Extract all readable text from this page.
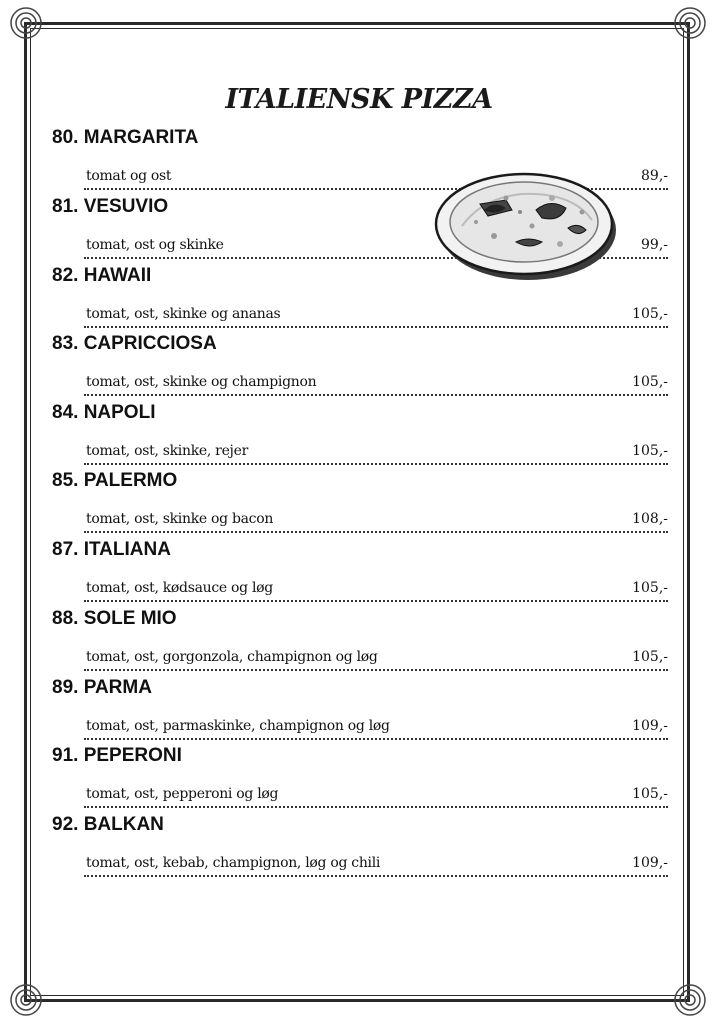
ITALIENSK PIZZA
80. MARGARITA
tomat og ost	89,-
81. VESUVIO
tomat, ost og skinke	99,-
82. HAWAII
tomat, ost, skinke og ananas	105,-
83. CAPRICCIOSA
tomat, ost, skinke og champignon	105,-
84. NAPOLI
tomat, ost, skinke, rejer	105,-
85. PALERMO
tomat, ost, skinke og bacon	108,-
87. ITALIANA
tomat, ost, kødsauce og løg	105,-
88. SOLE MIO
tomat, ost, gorgonzola, champignon og løg	105,-
89. PARMA
tomat, ost, parmaskinke, champignon og løg	109,-
91. PEPERONI
tomat, ost, pepperoni og løg	105,-
92. BALKAN
tomat, ost, kebab, champignon, løg og chili	109,-
